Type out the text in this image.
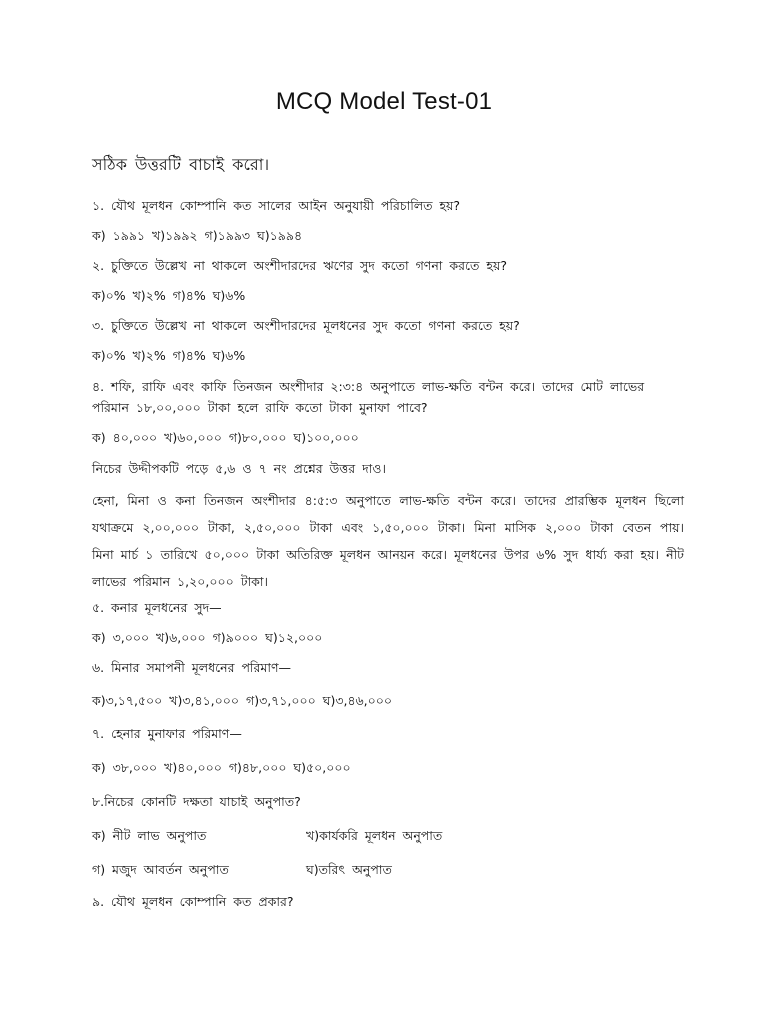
MCQ Model Test-01
সঠিক উত্তরটি বাচাই করো।
১. যৌথ মূলধন কোম্পানি কত সালের আইন অনুযায়ী পরিচালিত হয়?
ক) ১৯৯১ খ)১৯৯২ গ)১৯৯৩ ঘ)১৯৯৪
২. চুক্তিতে উল্লেখ না থাকলে অংশীদারদের ঋণের সুদ কতো গণনা করতে হয়?
ক)০% খ)২% গ)৪% ঘ)৬%
৩. চুক্তিতে উল্লেখ না থাকলে অংশীদারদের মূলধনের সুদ কতো গণনা করতে হয়?
ক)০% খ)২% গ)৪% ঘ)৬%
৪. শফি, রাফি এবং কাফি তিনজন অংশীদার ২:৩:৪ অনুপাতে লাভ-ক্ষতি বন্টন করে। তাদের মোট লাভের পরিমান ১৮,০০,০০০ টাকা হলে রাফি কতো টাকা মুনাফা পাবে?
ক) ৪০,০০০ খ)৬০,০০০ গ)৮০,০০০ ঘ)১০০,০০০
নিচের উদ্দীপকটি পড়ে ৫,৬ ও ৭ নং প্রশ্নের উত্তর দাও।
হেনা, মিনা ও কনা তিনজন অংশীদার ৪:৫:৩ অনুপাতে লাভ-ক্ষতি বন্টন করে। তাদের প্রারম্ভিক মূলধন ছিলো যথাক্রমে ২,০০,০০০ টাকা, ২,৫০,০০০ টাকা এবং ১,৫০,০০০ টাকা। মিনা মাসিক ২,০০০ টাকা বেতন পায়। মিনা মার্চ ১ তারিখে ৫০,০০০ টাকা অতিরিক্ত মূলধন আনয়ন করে। মূলধনের উপর ৬% সুদ ধার্য্য করা হয়। নীট লাভের পরিমান ১,২০,০০০ টাকা।
৫. কনার মূলধনের সুদ—
ক) ৩,০০০ খ)৬,০০০ গ)৯০০০ ঘ)১২,০০০
৬. মিনার সমাপনী মূলধনের পরিমাণ—
ক)৩,১৭,৫০০ খ)৩,৪১,০০০ গ)৩,৭১,০০০ ঘ)৩,৪৬,০০০
৭. হেনার মুনাফার পরিমাণ—
ক) ৩৮,০০০ খ)৪০,০০০ গ)৪৮,০০০ ঘ)৫০,০০০
৮.নিচের কোনটি দক্ষতা যাচাই অনুপাত?
ক) নীট লাভ অনুপাত	খ)কার্যকরি মূলধন অনুপাত
গ) মজুদ আবর্তন অনুপাত	ঘ)তরিৎ অনুপাত
৯. যৌথ মূলধন কোম্পানি কত প্রকার?
